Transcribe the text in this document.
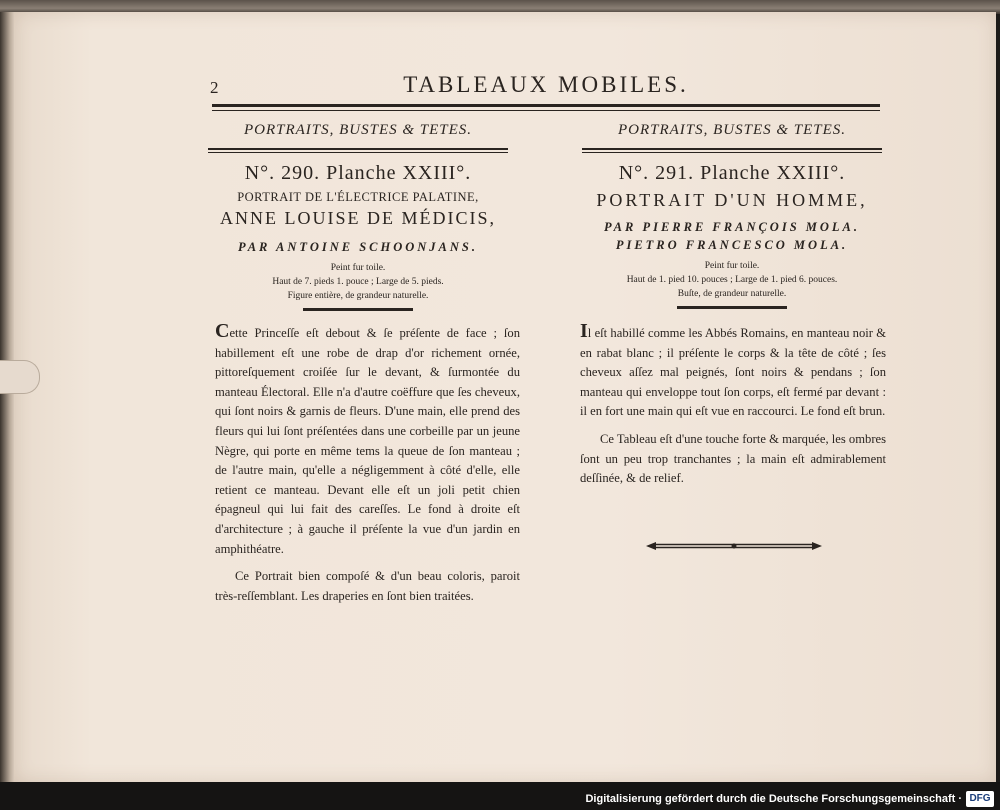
2	TABLEAUX MOBILES.
PORTRAITS, BUSTES & TETES.
N°. 290. Planche XXIII°.
PORTRAIT DE L'ÉLECTRICE PALATINE,
ANNE LOUISE DE MÉDICIS,
PAR ANTOINE SCHOONJANS.
Peint fur toile.
Haut de 7. pieds 1. pouce ; Large de 5. pieds.
Figure entière, de grandeur naturelle.
PORTRAITS, BUSTES & TETES.
N°. 291. Planche XXIII°.
PORTRAIT D'UN HOMME,
PAR PIERRE FRANÇOIS MOLA.
PIETRO FRANCESCO MOLA.
Peint fur toile.
Haut de 1. pied 10. pouces ; Large de 1. pied 6. pouces.
Buſte, de grandeur naturelle.

Cette Princeſſe eſt debout & ſe préſente de face ; ſon habillement eſt une robe de drap d'or richement ornée, pittoreſquement croiſée ſur le devant, & ſurmontée du manteau Électoral. Elle n'a d'autre coëffure que ſes cheveux, qui ſont noirs & garnis de fleurs. D'une main, elle prend des fleurs qui lui ſont préſentées dans une corbeille par un jeune Nègre, qui porte en même tems la queue de ſon manteau ; de l'autre main, qu'elle a négligemment à côté d'elle, elle retient ce manteau. Devant elle eſt un joli petit chien épagneul qui lui fait des careſſes. Le fond à droite eſt d'architecture ; à gauche il préſente la vue d'un jardin en amphithéatre.

Ce Portrait bien compoſé & d'un beau coloris, paroit très-reſſemblant. Les draperies en ſont bien traitées.

Il eſt habillé comme les Abbés Romains, en manteau noir & en rabat blanc ; il préſente le corps & la tête de côté ; ſes cheveux aſſez mal peignés, ſont noirs & pendans ; ſon manteau qui enveloppe tout ſon corps, eſt fermé par devant : il en fort une main qui eſt vue en raccourci. Le fond eſt brun.

Ce Tableau eſt d'une touche forte & marquée, les ombres ſont un peu trop tranchantes ; la main eſt admirablement deſſinée, & de relief.

Digitalisierung gefördert durch die Deutsche Forschungsgemeinschaft · DFG
